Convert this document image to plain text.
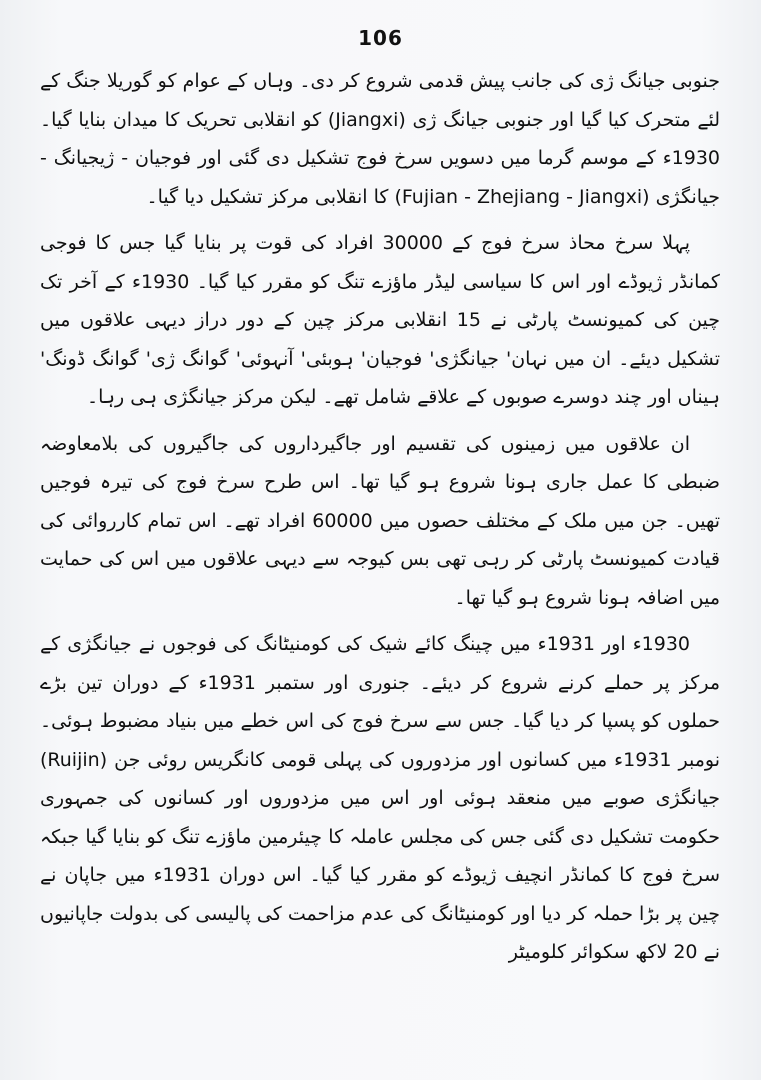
106

جنوبی جیانگ ژی کی جانب پیش قدمی شروع کر دی۔ وہاں کے عوام کو گوریلا جنگ کے لئے متحرک کیا گیا اور جنوبی جیانگ ژی (Jiangxi) کو انقلابی تحریک کا میدان بنایا گیا۔ 1930ء کے موسم گرما میں دسویں سرخ فوج تشکیل دی گئی اور فوجیان - ژیجیانگ - جیانگژی (Fujian - Zhejiang - Jiangxi) کا انقلابی مرکز تشکیل دیا گیا۔

پہلا سرخ محاذ سرخ فوج کے 30000 افراد کی قوت پر بنایا گیا جس کا فوجی کمانڈر ژیوڈے اور اس کا سیاسی لیڈر ماؤزے تنگ کو مقرر کیا گیا۔ 1930ء کے آخر تک چین کی کمیونسٹ پارٹی نے 15 انقلابی مرکز چین کے دور دراز دیہی علاقوں میں تشکیل دیئے۔ ان میں نہان' جیانگژی' فوجیان' ہوبئی' آنہوئی' گوانگ ژی' گوانگ ڈونگ' ہیناں اور چند دوسرے صوبوں کے علاقے شامل تھے۔ لیکن مرکز جیانگژی ہی رہا۔

ان علاقوں میں زمینوں کی تقسیم اور جاگیرداروں کی جاگیروں کی بلامعاوضہ ضبطی کا عمل جاری ہونا شروع ہو گیا تھا۔ اس طرح سرخ فوج کی تیرہ فوجیں تھیں۔ جن میں ملک کے مختلف حصوں میں 60000 افراد تھے۔ اس تمام کارروائی کی قیادت کمیونسٹ پارٹی کر رہی تھی بس کیوجہ سے دیہی علاقوں میں اس کی حمایت میں اضافہ ہونا شروع ہو گیا تھا۔

1930ء اور 1931ء میں چینگ کائے شیک کی کومنیٹانگ کی فوجوں نے جیانگژی کے مرکز پر حملے کرنے شروع کر دیئے۔ جنوری اور ستمبر 1931ء کے دوران تین بڑے حملوں کو پسپا کر دیا گیا۔ جس سے سرخ فوج کی اس خطے میں بنیاد مضبوط ہوئی۔ نومبر 1931ء میں کسانوں اور مزدوروں کی پہلی قومی کانگریس روئی جن (Ruijin) جیانگژی صوبے میں منعقد ہوئی اور اس میں مزدوروں اور کسانوں کی جمہوری حکومت تشکیل دی گئی جس کی مجلس عاملہ کا چیئرمین ماؤزے تنگ کو بنایا گیا جبکہ سرخ فوج کا کمانڈر انچیف ژیوڈے کو مقرر کیا گیا۔ اس دوران 1931ء میں جاپان نے چین پر بڑا حملہ کر دیا اور کومنیٹانگ کی عدم مزاحمت کی پالیسی کی بدولت جاپانیوں نے 20 لاکھ سکوائر کلومیٹر
